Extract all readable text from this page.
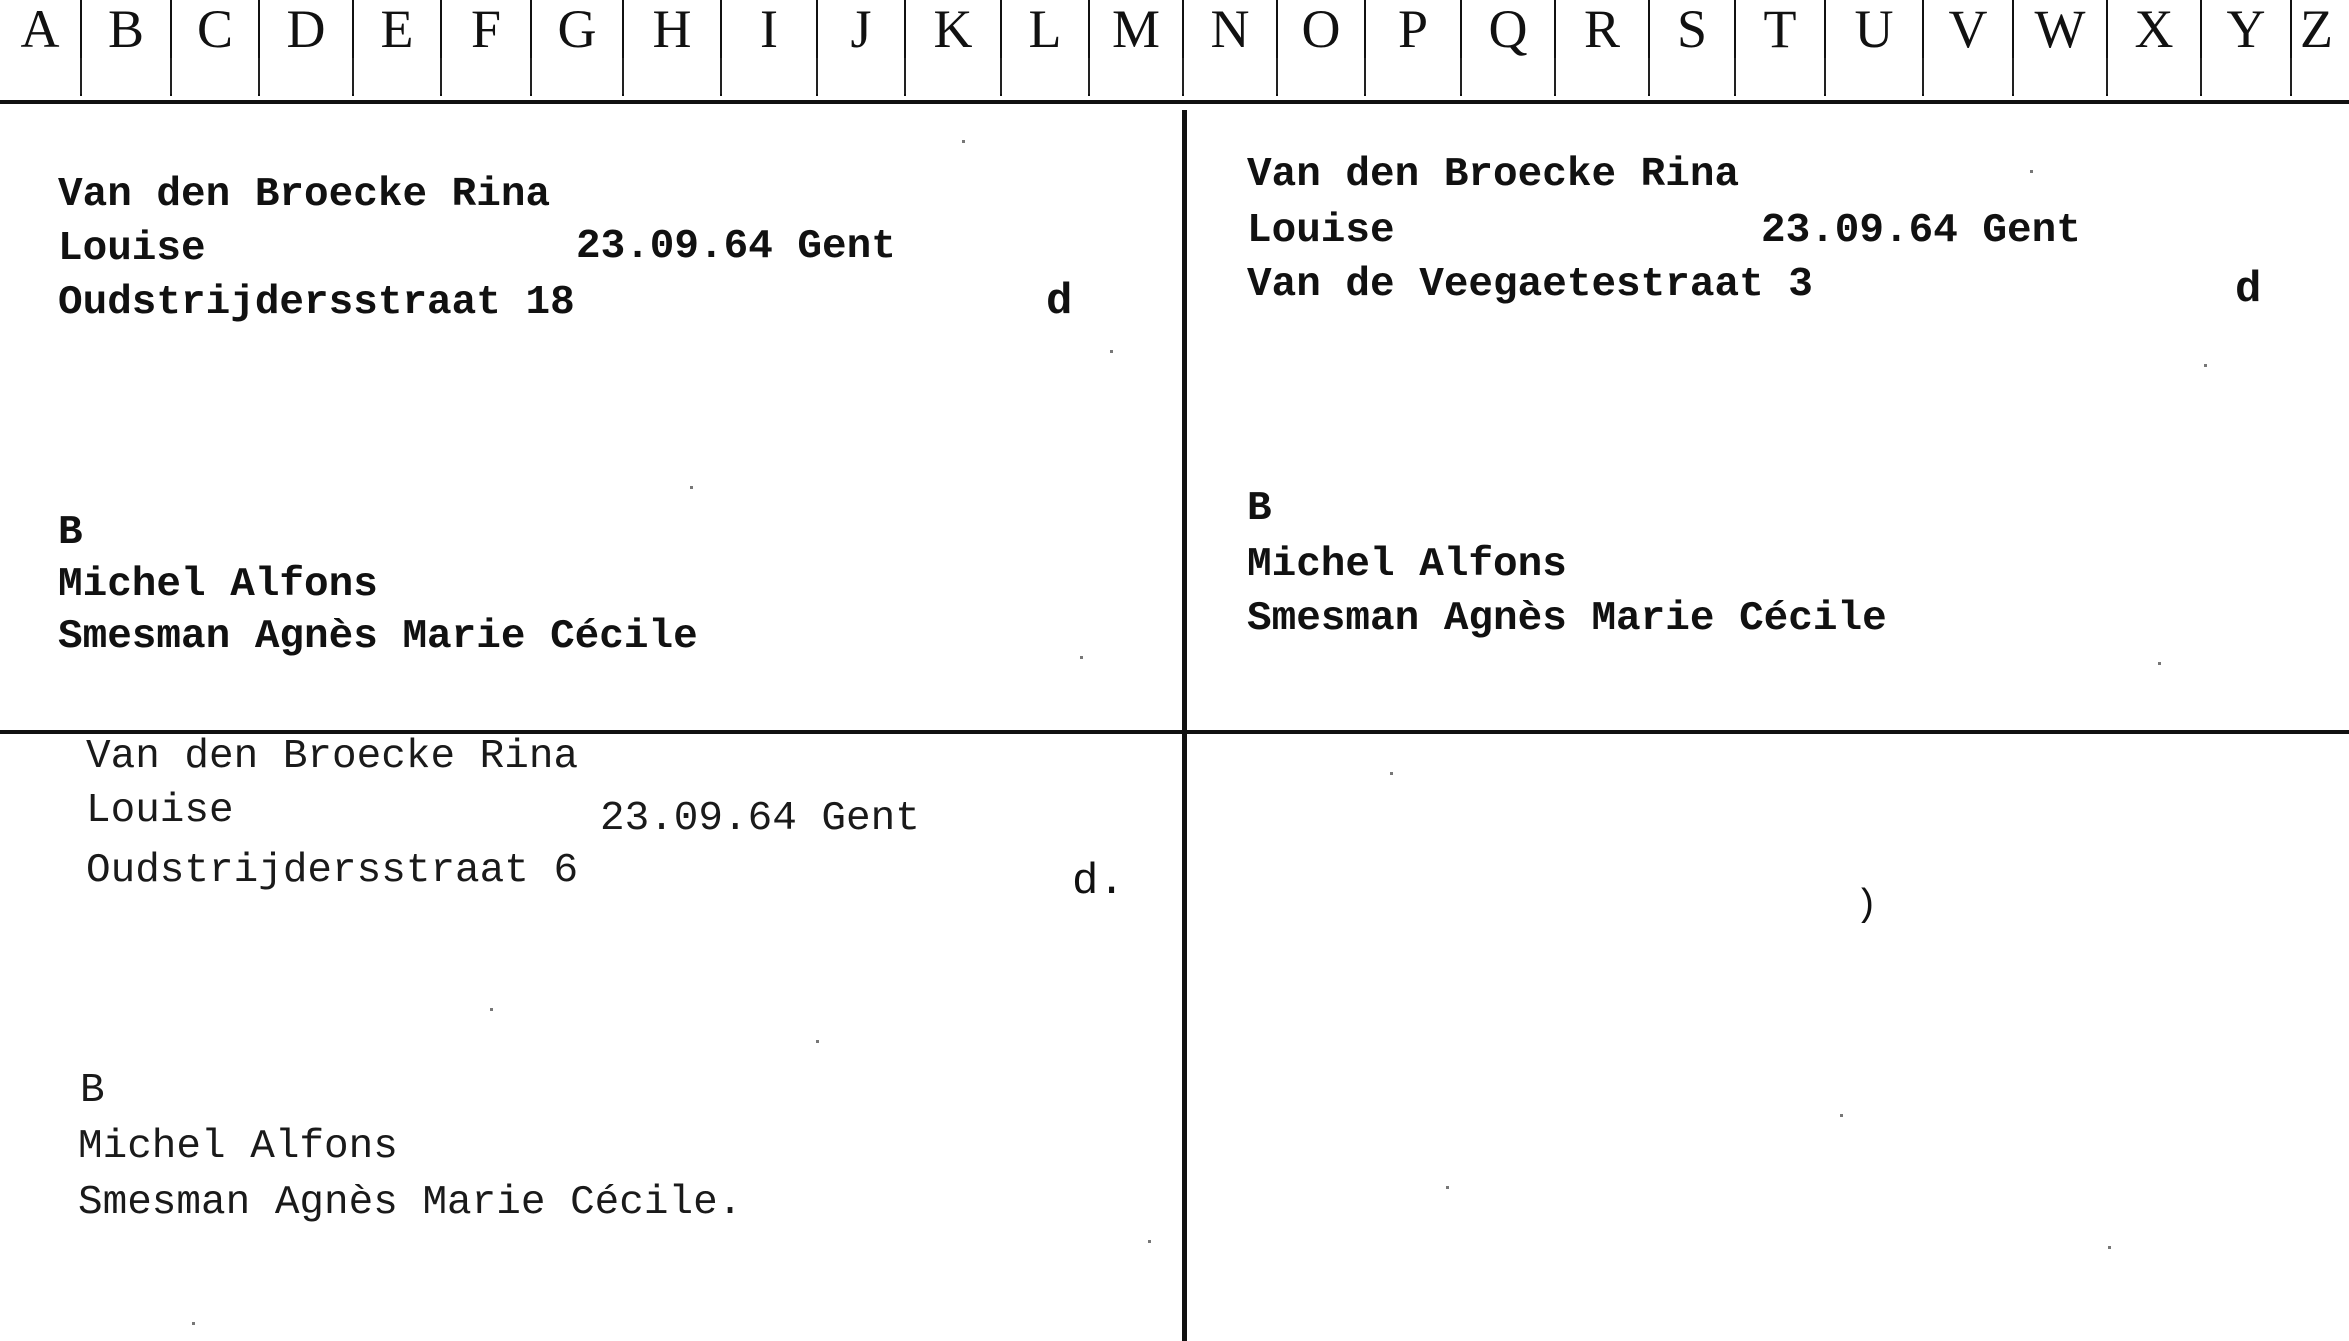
A B C D	E	F	G	H	I	J	K	L M N O	P	Q	R	S	T	U	V W X Y Z
Van den Broecke Rina
Louise	23.09.64 Gent
Oudstrijdersstraat 18	d
B
Michel Alfons
Smesman Agnès Marie Cécile
Van den Broecke Rina
Louise	23.09.64 Gent
Van de Veegaetestraat 3	d
B
Michel Alfons
Smesman Agnès Marie Cécile
Van den Broecke Rina
Louise	23.09.64 Gent
Oudstrijdersstraat 6	d.
B
Michel Alfons
Smesman Agnès Marie Cécile.
)
